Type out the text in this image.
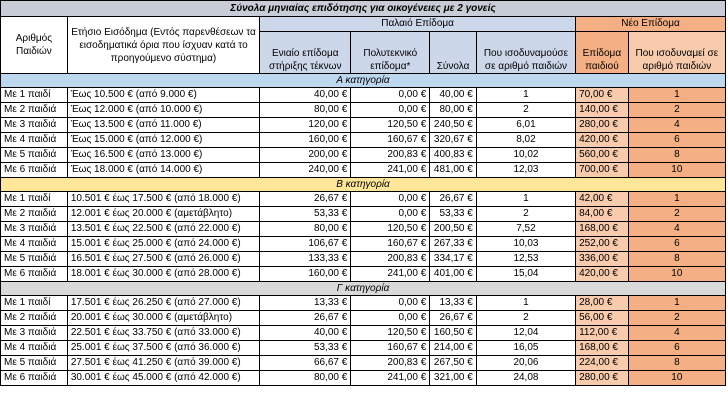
Σύνολα μηνιαίας επιδότησης για οικογένειες με 2 γονείς							
Αριθμός Παιδιών	Ετήσιο Εισόδημα (Εντός παρενθέσεων τα εισοδηματικά όρια που ίσχυαν κατά το προηγούμενο σύστημα)	Παλαιό Επίδομα				Νέο Επίδομα	
		Ενιαίο επίδομα στήριξης τέκνων	Πολυτεκνικό επίδομα*	Σύνολα	Που ισοδυναμούσε σε αριθμό παιδιών	Επίδομα παιδιού	Που ισοδυναμεί σε αριθμό παιδιών
Α κατηγορία							
Με 1 παιδί	Έως 10.500 € (από 9.000 €)	40,00 €	0,00 €	40,00 €	1	70,00 €	1
Με 2 παιδιά	Έως 12.000 € (από 10.000 €)	80,00 €	0,00 €	80,00 €	2	140,00 €	2
Με 3 παιδιά	Έως 13.500 € (από 11.000 €)	120,00 €	120,50 €	240,50 €	6,01	280,00 €	4
Με 4 παιδιά	Έως 15.000 € (από 12.000 €)	160,00 €	160,67 €	320,67 €	8,02	420,00 €	6
Με 5 παιδιά	Έως 16.500 € (από 13.000 €)	200,00 €	200,83 €	400,83 €	10,02	560,00 €	8
Με 6 παιδιά	Έως 18.000 € (από 14.000 €)	240,00 €	241,00 €	481,00 €	12,03	700,00 €	10
Β κατηγορία							
Με 1 παιδί	10.501 € έως 17.500 € (από 18.000 €)	26,67 €	0,00 €	26,67 €	1	42,00 €	1
Με 2 παιδιά	12.001 € έως 20.000 € (αμετάβλητο)	53,33 €	0,00 €	53,33 €	2	84,00 €	2
Με 3 παιδιά	13.501 € έως 22.500 € (από 22.000 €)	80,00 €	120,50 €	200,50 €	7,52	168,00 €	4
Με 4 παιδιά	15.001 € έως 25.000 € (από 24.000 €)	106,67 €	160,67 €	267,33 €	10,03	252,00 €	6
Με 5 παιδιά	16.501 € έως 27.500 € (από 26.000 €)	133,33 €	200,83 €	334,17 €	12,53	336,00 €	8
Με 6 παιδιά	18.001 € έως 30.000 € (από 28.000 €)	160,00 €	241,00 €	401,00 €	15,04	420,00 €	10
Γ κατηγορία							
Με 1 παιδί	17.501 € έως 26.250 € (από 27.000 €)	13,33 €	0,00 €	13,33 €	1	28,00 €	1
Με 2 παιδιά	20.001 € έως 30.000 € (αμετάβλητο)	26,67 €	0,00 €	26,67 €	2	56,00 €	2
Με 3 παιδιά	22.501 € έως 33.750 € (από 33.000 €)	40,00 €	120,50 €	160,50 €	12,04	112,00 €	4
Με 4 παιδιά	25.001 € έως 37.500 € (από 36.000 €)	53,33 €	160,67 €	214,00 €	16,05	168,00 €	6
Με 5 παιδιά	27.501 € έως 41.250 € (από 39.000 €)	66,67 €	200,83 €	267,50 €	20,06	224,00 €	8
Με 6 παιδιά	30.001 € έως 45.000 € (από 42.000 €)	80,00 €	241,00 €	321,00 €	24,08	280,00 €	10
